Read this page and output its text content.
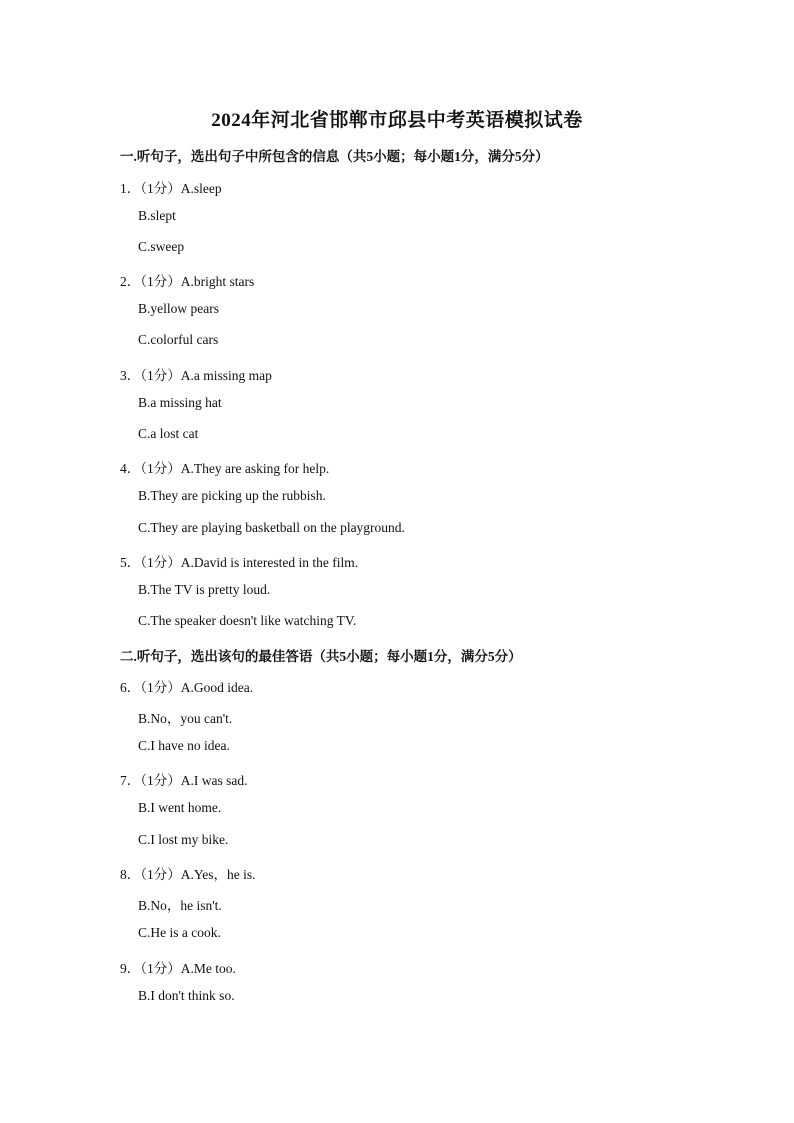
2024年河北省邯郸市邱县中考英语模拟试卷
一.听句子，选出句子中所包含的信息（共5小题；每小题1分，满分5分）
1．（1分）A.sleep
B.slept
C.sweep
2．（1分）A.bright stars
B.yellow pears
C.colorful cars
3．（1分）A.a missing map
B.a missing hat
C.a lost cat
4．（1分）A.They are asking for help.
B.They are picking up the rubbish.
C.They are playing basketball on the playground.
5．（1分）A.David is interested in the film.
B.The TV is pretty loud.
C.The speaker doesn't like watching TV.
二.听句子，选出该句的最佳答语（共5小题；每小题1分，满分5分）
6．（1分）A.Good idea.
B.No，you can't.
C.I have no idea.
7．（1分）A.I was sad.
B.I went home.
C.I lost my bike.
8．（1分）A.Yes，he is.
B.No，he isn't.
C.He is a cook.
9．（1分）A.Me too.
B.I don't think so.
